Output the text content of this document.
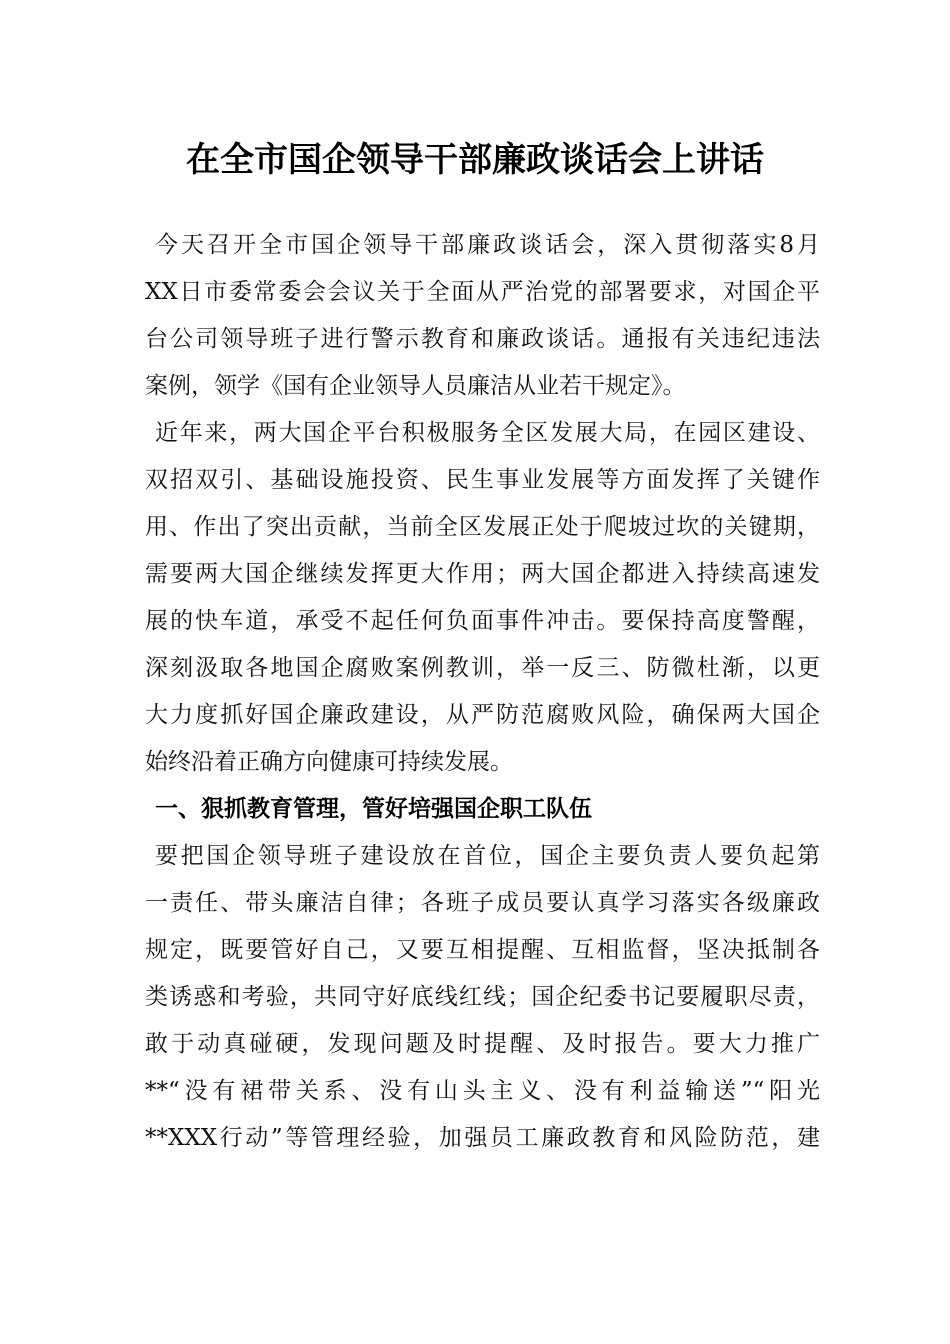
在全市国企领导干部廉政谈话会上讲话
今天召开全市国企领导干部廉政谈话会，深入贯彻落实8月
XX日市委常委会会议关于全面从严治党的部署要求，对国企平
台公司领导班子进行警示教育和廉政谈话。通报有关违纪违法
案例，领学《国有企业领导人员廉洁从业若干规定》。
近年来，两大国企平台积极服务全区发展大局，在园区建设、
双招双引、基础设施投资、民生事业发展等方面发挥了关键作
用、作出了突出贡献，当前全区发展正处于爬坡过坎的关键期，
需要两大国企继续发挥更大作用；两大国企都进入持续高速发
展的快车道，承受不起任何负面事件冲击。要保持高度警醒，
深刻汲取各地国企腐败案例教训，举一反三、防微杜渐，以更
大力度抓好国企廉政建设，从严防范腐败风险，确保两大国企
始终沿着正确方向健康可持续发展。
一、狠抓教育管理，管好培强国企职工队伍
要把国企领导班子建设放在首位，国企主要负责人要负起第
一责任、带头廉洁自律；各班子成员要认真学习落实各级廉政
规定，既要管好自己，又要互相提醒、互相监督，坚决抵制各
类诱惑和考验，共同守好底线红线；国企纪委书记要履职尽责，
敢于动真碰硬，发现问题及时提醒、及时报告。要大力推广
**“没有裙带关系、没有山头主义、没有利益输送”“阳光
**XXX行动”等管理经验，加强员工廉政教育和风险防范，建
